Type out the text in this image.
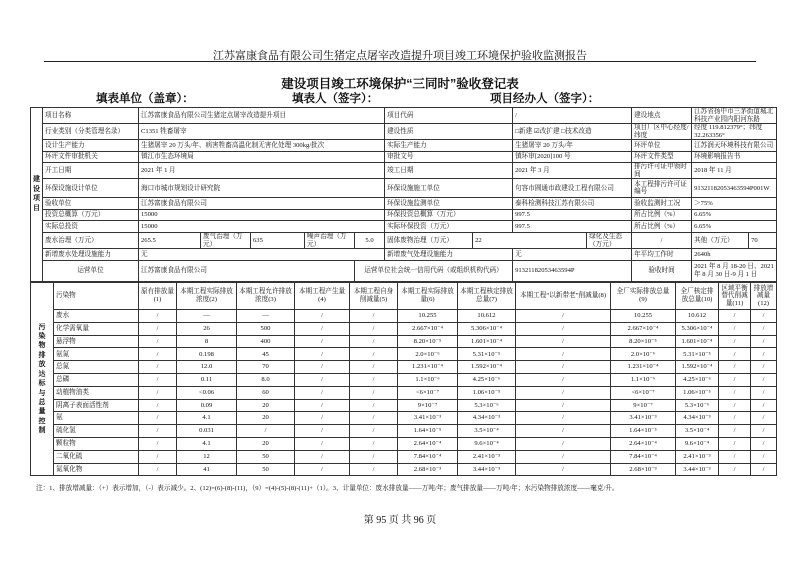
江苏富康食品有限公司生猪定点屠宰改造提升项目竣工环境保护验收监测报告
建设项目竣工环境保护“三同时”验收登记表
填表单位（盖章）：	填表人（签字）：	项目经办人（签字）：
建设项目	项目名称	江苏富康食品有限公司生猪定点屠宰改造提升项目					项目代码		/		建设地点	江苏省扬中市三茅街道城北科技产业园内阳河东路	
	行业类别（分类管理名录）	C1351 牲畜屠宰					建设性质		□新建 ☑改扩建 □技术改造		项目厂区中心经度/纬度	经度 119.812379°；纬度 32.263356°	
	设计生产能力	生猪屠宰 20 万头/年、病害牲畜高温化制无害化处理 300kg/批次					实际生产能力		生猪屠宰 20 万头/年		环评单位	江苏润天环境科技有限公司	
	环评文件审批机关	镇江市生态环境局					审批文号		镇环审[2020]100 号		环评文件类型	环境影响报告书	
	开工日期	2021 年 1 月					竣工日期		2021 年 3 月		排污许可证申领时间	2018 年 11 月	
	环保设施设计单位	海口市城市规划设计研究院					环保设施施工单位		句容市圆通市政建设工程有限公司		本工程排污许可证编号	91321182053463594P001W	
	验收单位	江苏富康食品有限公司					环保设施监测单位		泰科检测科技江苏有限公司		验收监测时工况	＞75%	
	投资总概算（万元）	15000					环保投资总概算（万元）		997.5		所占比例（%）	6.65%	
	实际总投资	15000					实际环保投资（万元）		997.5		所占比例（%）	6.65%	
	废水治理（万元）	265.5	废气治理（万元）	635	噪声治理（万元）	5.0	固体废物治理（万元）	22		绿化及生态（万元）	/	其他（万元）	70
	新增废水处理设施能力	无					新增废气处理设施能力		无		年平均工作时	2640h	
	运营单位	江苏富康食品有限公司				运营单位社会统一信用代码（或组织机构代码）			91321182053463594P		验收时间	2021 年 8 月 18-20 日、2021 年 8 月 30 日-9 月 1 日	
污染物排放达标与总量控制	污染物	原有排放量(1)	本期工程实际排放浓度(2)	本期工程允许排放浓度(3)	本期工程产生量(4)	本期工程自身削减量(5)	本期工程实际排放量(6)	本期工程核定排放总量(7)	本期工程“以新带老”削减量(8)	全厂实际排放总量(9)	全厂核定排放总量(10)	区域平衡替代削减量(11)	排放增减量(12)
	废水	/	—	—	/	/	10.255	10.612	/	10.255	10.612	/	/
	化学需氧量	/	26	500	/	/	2.667×10⁻⁴	5.306×10⁻⁴	/	2.667×10⁻⁴	5.306×10⁻⁴	/	/
	悬浮物	/	8	400	/	/	8.20×10⁻⁵	1.601×10⁻⁴	/	8.20×10⁻⁵	1.601×10⁻⁴	/	/
	氨氮	/	0.198	45	/	/	2.0×10⁻⁶	5.31×10⁻⁵	/	2.0×10⁻⁶	5.31×10⁻⁵	/	/
	总氮	/	12.0	70	/	/	1.231×10⁻⁴	1.592×10⁻⁴	/	1.231×10⁻⁴	1.592×10⁻⁴	/	/
	总磷	/	0.11	8.0	/	/	1.1×10⁻⁶	4.25×10⁻⁶	/	1.1×10⁻⁶	4.25×10⁻⁶	/	/
	动植物油类	/	<0.06	60	/	/	<6×10⁻⁷	1.06×10⁻⁵	/	<6×10⁻⁷	1.06×10⁻⁵	/	/
	阴离子表面活性剂	/	0.09	20	/	/	9×10⁻⁷	5.3×10⁻⁶	/	9×10⁻⁷	5.3×10⁻⁶	/	/
	氨	/	4.1	20	/	/	3.41×10⁻³	4.34×10⁻³	/	3.41×10⁻³	4.34×10⁻³	/	/
	硫化氢	/	0.031	/	/	/	1.64×10⁻⁵	3.5×10⁻⁴	/	1.64×10⁻⁵	3.5×10⁻⁴	/	/
	颗粒物	/	4.1	20	/	/	2.64×10⁻⁴	9.6×10⁻⁴	/	2.64×10⁻⁴	9.6×10⁻⁴	/	/
	二氧化硫	/	12	50	/	/	7.84×10⁻⁴	2.41×10⁻³	/	7.84×10⁻⁴	2.41×10⁻³	/	/
	氮氧化物	/	41	50	/	/	2.68×10⁻³	3.44×10⁻³	/	2.68×10⁻³	3.44×10⁻³	/	/
注：1、排放增减量：（+）表示增加，（-）表示减少。2、(12)=(6)-(8)-(11)，（9）=(4)-(5)-(8)-(11)+（1）。3、计量单位：废水排放量——万吨/年；废气排放量——万吨/年；水污染物排放浓度——毫克/升。
第 95 页 共 96 页
